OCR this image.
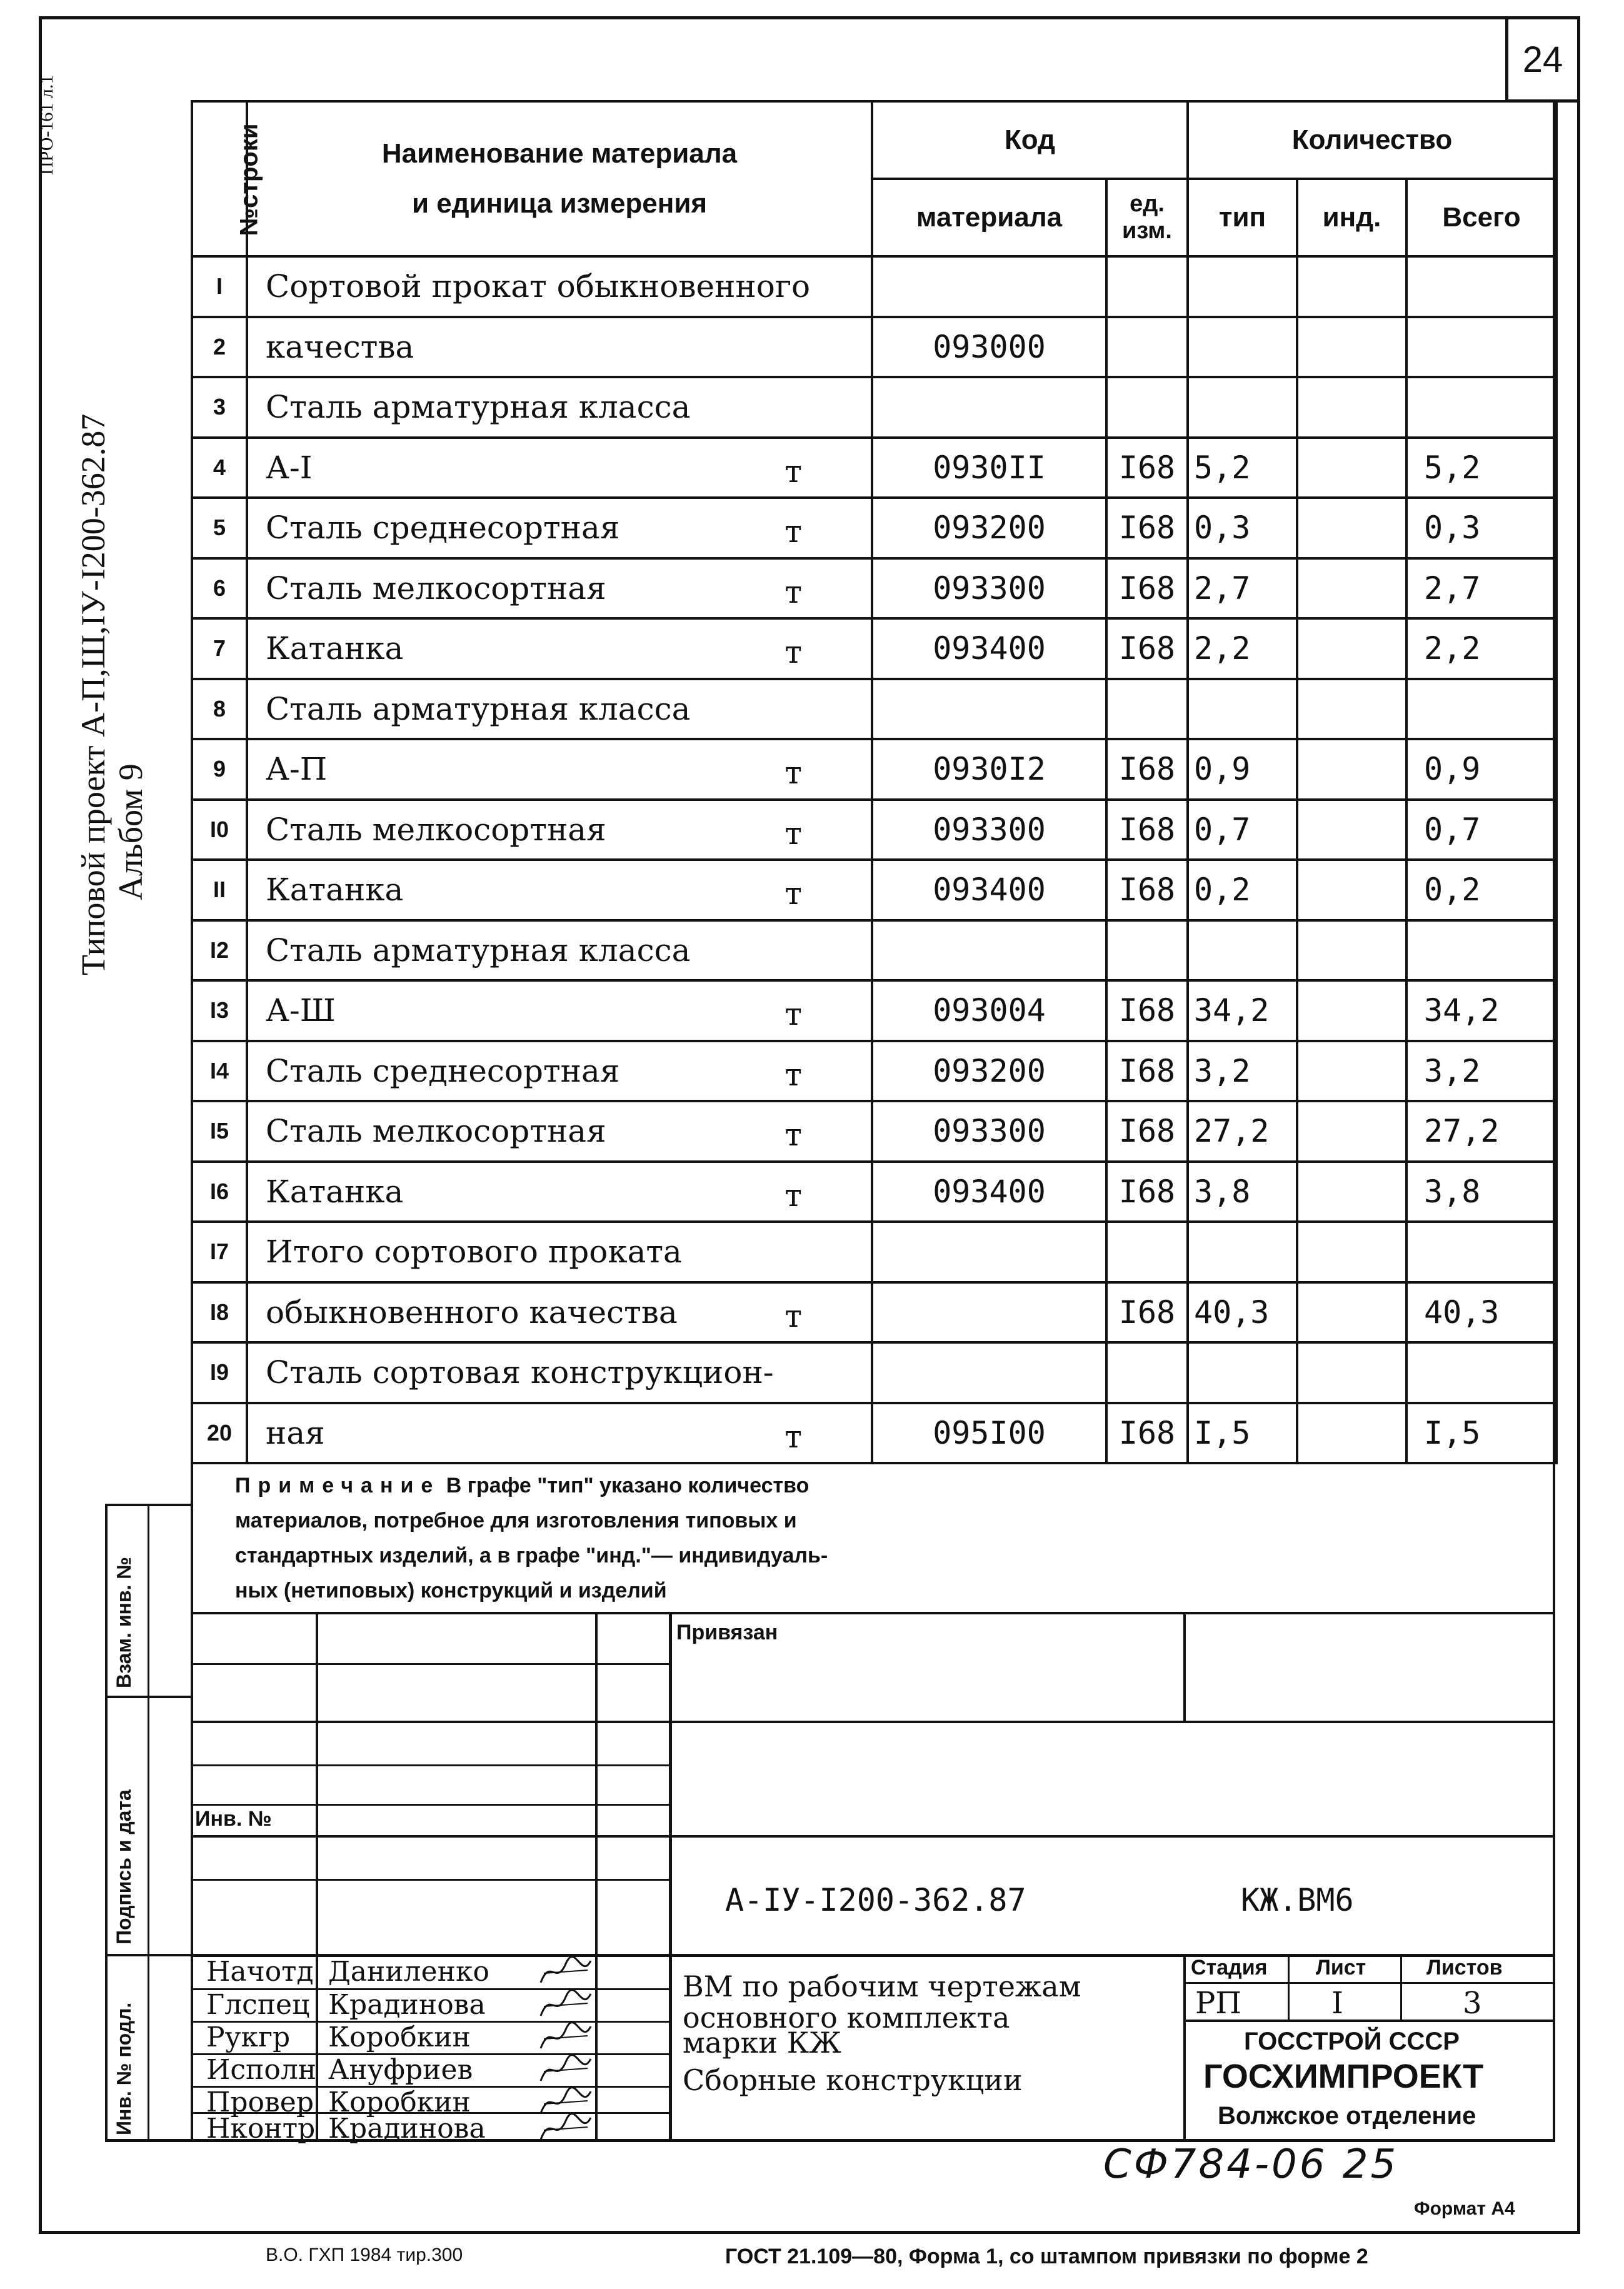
24
Типовой проект А-П,Ш,IУ-I200-362.87 Альбом 9
ПРО-161 л.1	№строки	Наименование материала
и единица измерения	Код		Количество		
		материала	ед. изм.	тип	инд.	Всего
I	Сортовой прокат обыкновенного

2	качества	093000				
3	Сталь арматурная класса

4	А-I т	0930II	I68	5,2		5,2
5	Сталь среднесортная т	093200	I68	0,3		0,3
6	Сталь мелкосортная т	093300	I68	2,7		2,7
7	Катанка т	093400	I68	2,2		2,2
8	Сталь арматурная класса

9	А-П т	0930I2	I68	0,9		0,9
I0	Сталь мелкосортная т	093300	I68	0,7		0,7
II	Катанка т	093400	I68	0,2		0,2
I2	Сталь арматурная класса

I3	А-Ш т	093004	I68	34,2		34,2
I4	Сталь среднесортная т	093200	I68	3,2		3,2
I5	Сталь мелкосортная т	093300	I68	27,2		27,2
I6	Катанка т	093400	I68	3,8		3,8
I7	Итого сортового проката

I8	обыкновенного качества т		I68	40,3		40,3
I9	Сталь сортовая конструкцион-

20	ная т	095I00	I68	I,5		I,5
Примечание В графе "тип" указано количество
материалов, потребное для изготовления типовых и
стандартных изделий, а в графе "инд."— индивидуаль-
ных (нетиповых) конструкций и изделий
Привязан
Инв. №
А-IУ-I200-362.87	КЖ.ВМ6
Начотд Даниленко
Глспец Крадинова
Рукгр Коробкин
Исполн Ануфриев
Провер Коробкин
Нконтр Крадинова
ВМ по рабочим чертежам
основного комплекта
марки КЖ
Сборные конструкции
Стадия Лист	Листов
РП	I	3
ГОССТРОЙ СССР
ГОСХИМПРОЕКТ
Волжское отделение
Взам. инв. №
Подпись и дата
Инв. № подл.
СФ784-06 25
Формат А4
В.О. ГХП 1984 тир.300	ГОСТ 21.109—80, Форма 1, со штампом привязки по форме 2
